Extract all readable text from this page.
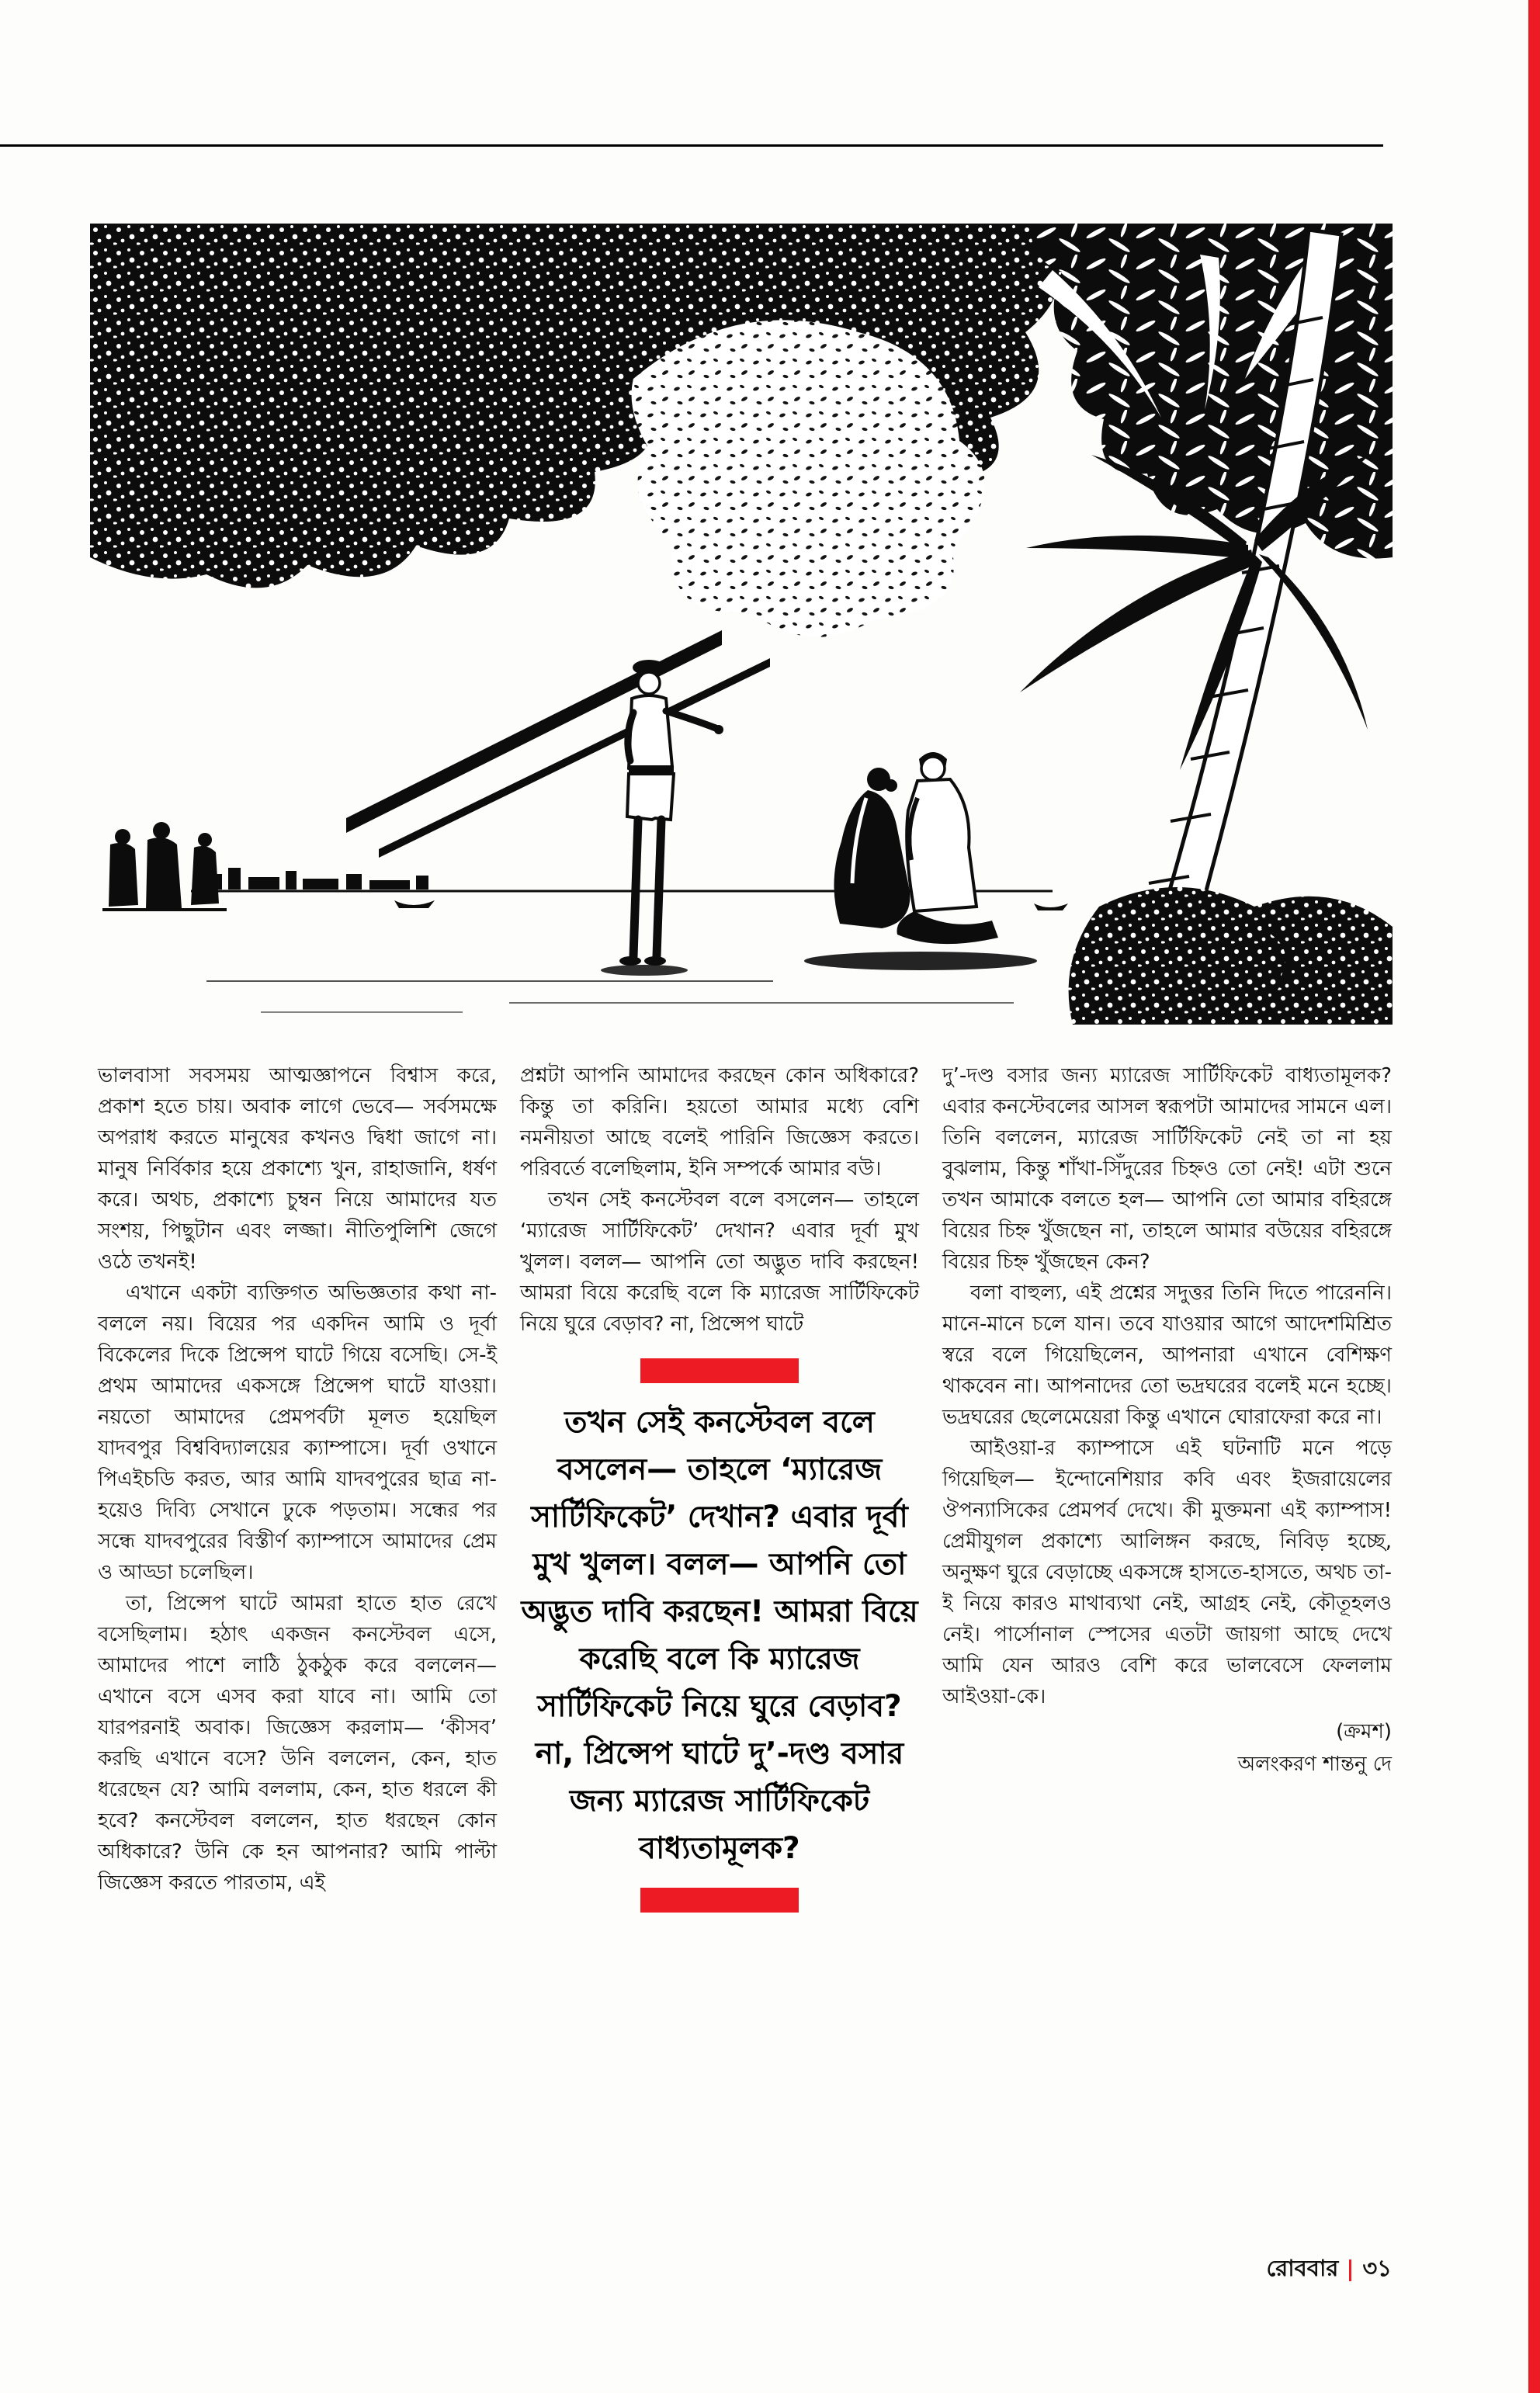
ভালবাসা সবসময় আত্মজ্ঞাপনে বিশ্বাস করে, প্রকাশ হতে চায়। অবাক লাগে ভেবে— সর্বসমক্ষে অপরাধ করতে মানুষের কখনও দ্বিধা জাগে না। মানুষ নির্বিকার হয়ে প্রকাশ্যে খুন, রাহাজানি, ধর্ষণ করে। অথচ, প্রকাশ্যে চুম্বন নিয়ে আমাদের যত সংশয়, পিছুটান এবং লজ্জা। নীতিপুলিশি জেগে ওঠে তখনই!

এখানে একটা ব্যক্তিগত অভিজ্ঞতার কথা না-বললে নয়। বিয়ের পর একদিন আমি ও দূর্বা বিকেলের দিকে প্রিন্সেপ ঘাটে গিয়ে বসেছি। সে-ই প্রথম আমাদের একসঙ্গে প্রিন্সেপ ঘাটে যাওয়া। নয়তো আমাদের প্রেমপর্বটা মূলত হয়েছিল যাদবপুর বিশ্ববিদ্যালয়ের ক্যাম্পাসে। দূর্বা ওখানে পিএইচডি করত, আর আমি যাদবপুরের ছাত্র না-হয়েও দিব্যি সেখানে ঢুকে পড়তাম। সন্ধের পর সন্ধে যাদবপুরের বিস্তীর্ণ ক্যাম্পাসে আমাদের প্রেম ও আড্ডা চলেছিল।

তা, প্রিন্সেপ ঘাটে আমরা হাতে হাত রেখে বসেছিলাম। হঠাৎ একজন কনস্টেবল এসে, আমাদের পাশে লাঠি ঠুকঠুক করে বললেন— এখানে বসে এসব করা যাবে না। আমি তো যারপরনাই অবাক। জিজ্ঞেস করলাম— ‘কীসব’ করছি এখানে বসে? উনি বললেন, কেন, হাত ধরেছেন যে? আমি বললাম, কেন, হাত ধরলে কী হবে? কনস্টেবল বললেন, হাত ধরছেন কোন অধিকারে? উনি কে হন আপনার? আমি পাল্টা জিজ্ঞেস করতে পারতাম, এই

প্রশ্নটা আপনি আমাদের করছেন কোন অধিকারে? কিন্তু তা করিনি। হয়তো আমার মধ্যে বেশি নমনীয়তা আছে বলেই পারিনি জিজ্ঞেস করতে। পরিবর্তে বলেছিলাম, ইনি সম্পর্কে আমার বউ।

তখন সেই কনস্টেবল বলে বসলেন— তাহলে ‘ম্যারেজ সার্টিফিকেট’ দেখান? এবার দূর্বা মুখ খুলল। বলল— আপনি তো অদ্ভুত দাবি করছেন! আমরা বিয়ে করেছি বলে কি ম্যারেজ সার্টিফিকেট নিয়ে ঘুরে বেড়াব? না, প্রিন্সেপ ঘাটে

তখন সেই কনস্টেবল বলে বসলেন— তাহলে ‘ম্যারেজ সার্টিফিকেট’ দেখান? এবার দূর্বা মুখ খুলল। বলল— আপনি তো অদ্ভুত দাবি করছেন! আমরা বিয়ে করেছি বলে কি ম্যারেজ সার্টিফিকেট নিয়ে ঘুরে বেড়াব? না, প্রিন্সেপ ঘাটে দু’-দণ্ড বসার জন্য ম্যারেজ সার্টিফিকেট বাধ্যতামূলক?

দু’-দণ্ড বসার জন্য ম্যারেজ সার্টিফিকেট বাধ্যতামূলক? এবার কনস্টেবলের আসল স্বরূপটা আমাদের সামনে এল। তিনি বললেন, ম্যারেজ সার্টিফিকেট নেই তা না হয় বুঝলাম, কিন্তু শাঁখা-সিঁদুরের চিহ্নও তো নেই! এটা শুনে তখন আমাকে বলতে হল— আপনি তো আমার বহিরঙ্গে বিয়ের চিহ্ন খুঁজছেন না, তাহলে আমার বউয়ের বহিরঙ্গে বিয়ের চিহ্ন খুঁজছেন কেন?

বলা বাহুল্য, এই প্রশ্নের সদুত্তর তিনি দিতে পারেননি। মানে-মানে চলে যান। তবে যাওয়ার আগে আদেশমিশ্রিত স্বরে বলে গিয়েছিলেন, আপনারা এখানে বেশিক্ষণ থাকবেন না। আপনাদের তো ভদ্রঘরের বলেই মনে হচ্ছে। ভদ্রঘরের ছেলেমেয়েরা কিন্তু এখানে ঘোরাফেরা করে না।

আইওয়া-র ক্যাম্পাসে এই ঘটনাটি মনে পড়ে গিয়েছিল— ইন্দোনেশিয়ার কবি এবং ইজরায়েলের ঔপন্যাসিকের প্রেমপর্ব দেখে। কী মুক্তমনা এই ক্যাম্পাস! প্রেমীযুগল প্রকাশ্যে আলিঙ্গন করছে, নিবিড় হচ্ছে, অনুক্ষণ ঘুরে বেড়াচ্ছে একসঙ্গে হাসতে-হাসতে, অথচ তা-ই নিয়ে কারও মাথাব্যথা নেই, আগ্রহ নেই, কৌতূহলও নেই। পার্সোনাল স্পেসের এতটা জায়গা আছে দেখে আমি যেন আরও বেশি করে ভালবেসে ফেললাম আইওয়া-কে।

(ক্রমশ)
অলংকরণ শান্তনু দে
রোববার ৩১
